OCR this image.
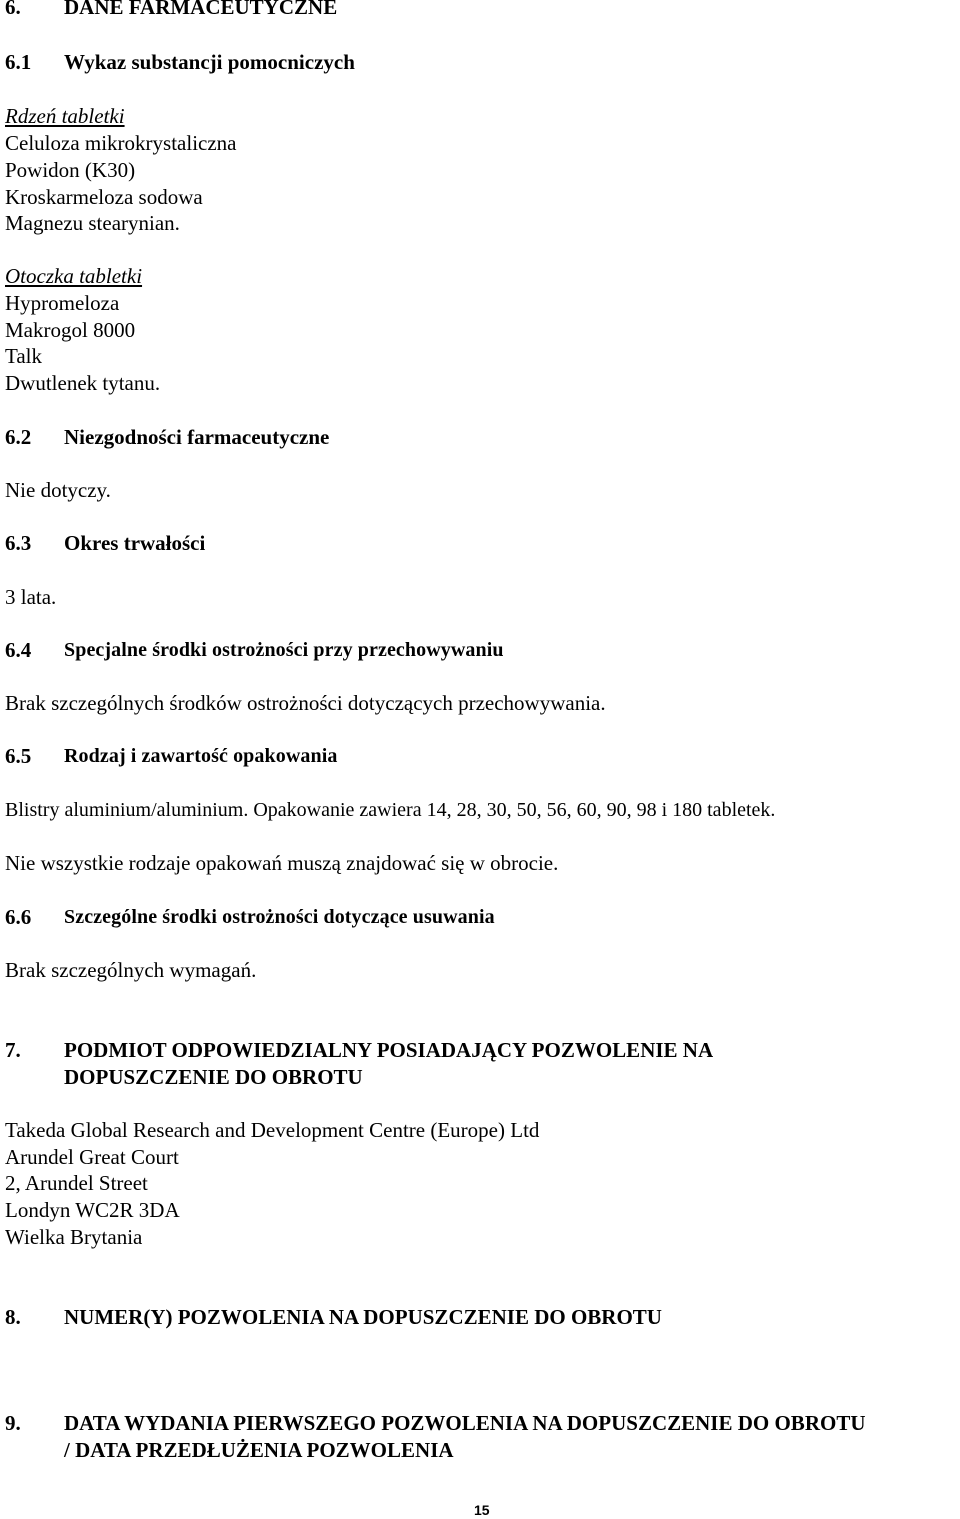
6. DANE FARMACEUTYCZNE
6.1 Wykaz substancji pomocniczych
Rdzeń tabletki
Celuloza mikrokrystaliczna
Powidon (K30)
Kroskarmeloza sodowa
Magnezu stearynian.
Otoczka tabletki
Hypromeloza
Makrogol 8000
Talk
Dwutlenek tytanu.
6.2 Niezgodności farmaceutyczne
Nie dotyczy.
6.3 Okres trwałości
3 lata.
6.4 Specjalne środki ostrożności przy przechowywaniu
Brak szczególnych środków ostrożności dotyczących przechowywania.
6.5 Rodzaj i zawartość opakowania
Blistry aluminium/aluminium. Opakowanie zawiera 14, 28, 30, 50, 56, 60, 90, 98 i 180 tabletek.
Nie wszystkie rodzaje opakowań muszą znajdować się w obrocie.
6.6 Szczególne środki ostrożności dotyczące usuwania
Brak szczególnych wymagań.
7. PODMIOT ODPOWIEDZIALNY POSIADAJĄCY POZWOLENIE NA
DOPUSZCZENIE DO OBROTU
Takeda Global Research and Development Centre (Europe) Ltd
Arundel Great Court
2, Arundel Street
Londyn WC2R 3DA
Wielka Brytania
8. NUMER(Y) POZWOLENIA NA DOPUSZCZENIE DO OBROTU
9. DATA WYDANIA PIERWSZEGO POZWOLENIA NA DOPUSZCZENIE DO OBROTU
/ DATA PRZEDŁUŻENIA POZWOLENIA
15
